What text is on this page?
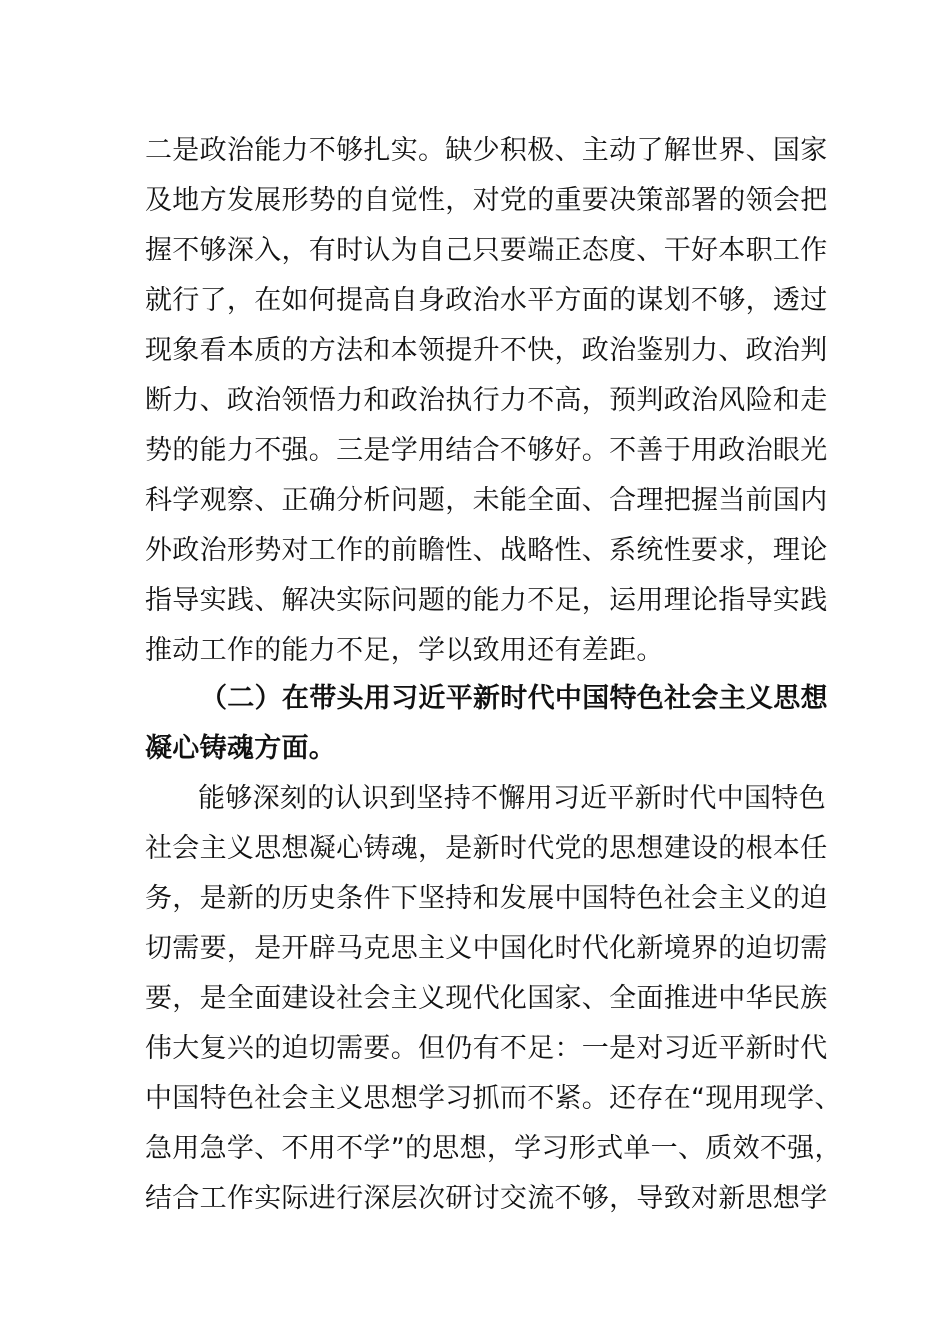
二是政治能力不够扎实。缺少积极、主动了解世界、国家
及地方发展形势的自觉性，对党的重要决策部署的领会把
握不够深入，有时认为自己只要端正态度、干好本职工作
就行了，在如何提高自身政治水平方面的谋划不够，透过
现象看本质的方法和本领提升不快，政治鉴别力、政治判
断力、政治领悟力和政治执行力不高，预判政治风险和走
势的能力不强。三是学用结合不够好。不善于用政治眼光
科学观察、正确分析问题，未能全面、合理把握当前国内
外政治形势对工作的前瞻性、战略性、系统性要求，理论
指导实践、解决实际问题的能力不足，运用理论指导实践
推动工作的能力不足，学以致用还有差距。
（二）在带头用习近平新时代中国特色社会主义思想
凝心铸魂方面。
能够深刻的认识到坚持不懈用习近平新时代中国特色
社会主义思想凝心铸魂，是新时代党的思想建设的根本任
务，是新的历史条件下坚持和发展中国特色社会主义的迫
切需要，是开辟马克思主义中国化时代化新境界的迫切需
要，是全面建设社会主义现代化国家、全面推进中华民族
伟大复兴的迫切需要。但仍有不足：一是对习近平新时代
中国特色社会主义思想学习抓而不紧。还存在“现用现学、
急用急学、不用不学”的思想，学习形式单一、质效不强，
结合工作实际进行深层次研讨交流不够，导致对新思想学
